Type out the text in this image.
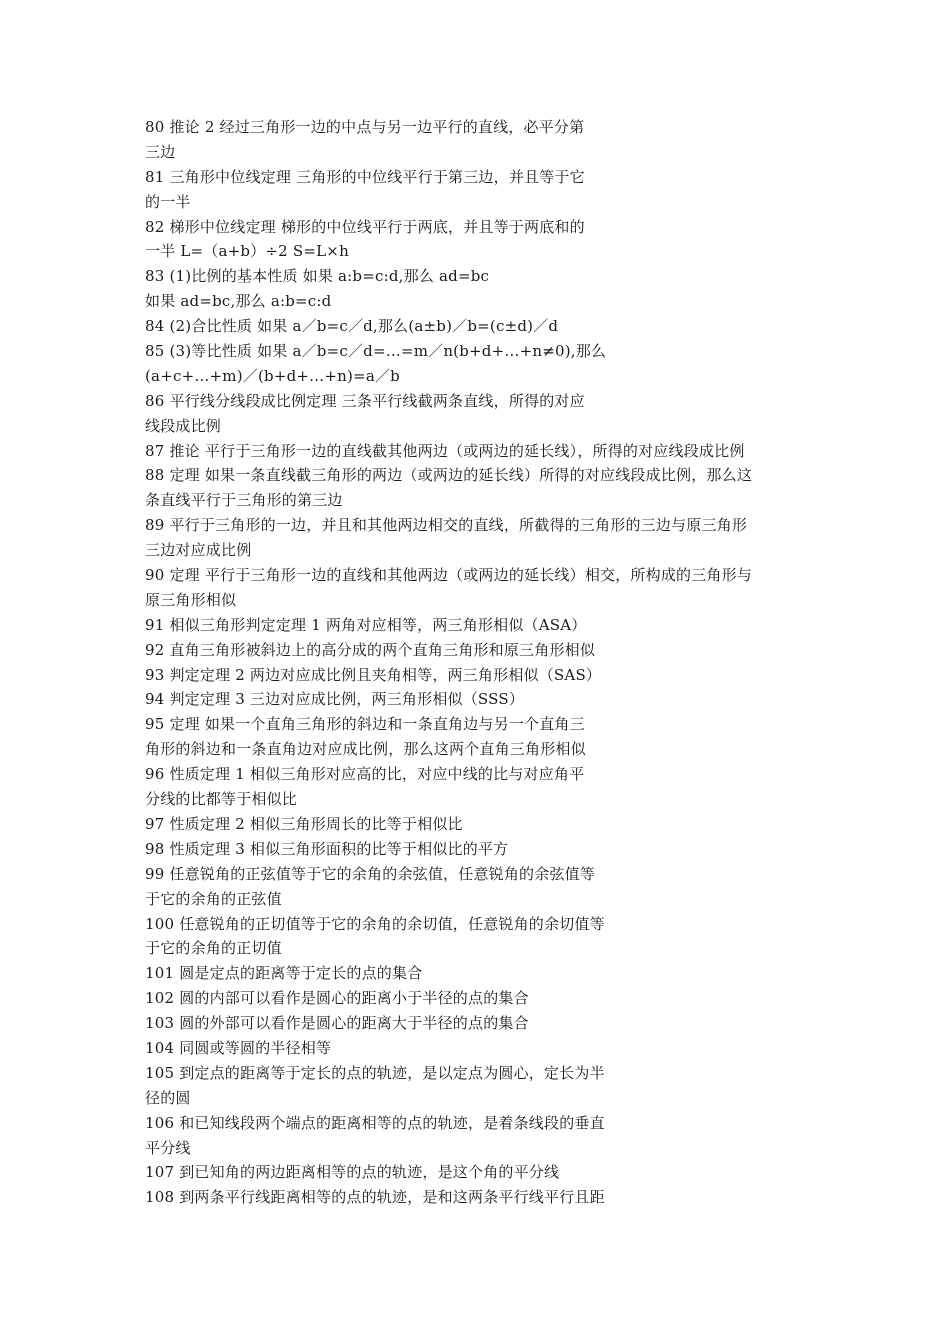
80 推论 2 经过三角形一边的中点与另一边平行的直线，必平分第
三边
81 三角形中位线定理 三角形的中位线平行于第三边，并且等于它
的一半
82 梯形中位线定理 梯形的中位线平行于两底，并且等于两底和的
一半 L=（a+b）÷2 S=L×h
83 (1)比例的基本性质 如果 a:b=c:d,那么 ad=bc
如果 ad=bc,那么 a:b=c:d
84 (2)合比性质 如果 a／b=c／d,那么(a±b)／b=(c±d)／d
85 (3)等比性质 如果 a／b=c／d=…=m／n(b+d+…+n≠0),那么
(a+c+…+m)／(b+d+…+n)=a／b
86 平行线分线段成比例定理 三条平行线截两条直线，所得的对应
线段成比例
87 推论 平行于三角形一边的直线截其他两边（或两边的延长线），所得的对应线段成比例
88 定理 如果一条直线截三角形的两边（或两边的延长线）所得的对应线段成比例，那么这
条直线平行于三角形的第三边
89 平行于三角形的一边，并且和其他两边相交的直线，所截得的三角形的三边与原三角形
三边对应成比例
90 定理 平行于三角形一边的直线和其他两边（或两边的延长线）相交，所构成的三角形与
原三角形相似
91 相似三角形判定定理 1 两角对应相等，两三角形相似（ASA）
92 直角三角形被斜边上的高分成的两个直角三角形和原三角形相似
93 判定定理 2 两边对应成比例且夹角相等，两三角形相似（SAS）
94 判定定理 3 三边对应成比例，两三角形相似（SSS）
95 定理 如果一个直角三角形的斜边和一条直角边与另一个直角三
角形的斜边和一条直角边对应成比例，那么这两个直角三角形相似
96 性质定理 1 相似三角形对应高的比，对应中线的比与对应角平
分线的比都等于相似比
97 性质定理 2 相似三角形周长的比等于相似比
98 性质定理 3 相似三角形面积的比等于相似比的平方
99 任意锐角的正弦值等于它的余角的余弦值，任意锐角的余弦值等
于它的余角的正弦值
100 任意锐角的正切值等于它的余角的余切值，任意锐角的余切值等
于它的余角的正切值
101 圆是定点的距离等于定长的点的集合
102 圆的内部可以看作是圆心的距离小于半径的点的集合
103 圆的外部可以看作是圆心的距离大于半径的点的集合
104 同圆或等圆的半径相等
105 到定点的距离等于定长的点的轨迹，是以定点为圆心，定长为半
径的圆
106 和已知线段两个端点的距离相等的点的轨迹，是着条线段的垂直
平分线
107 到已知角的两边距离相等的点的轨迹，是这个角的平分线
108 到两条平行线距离相等的点的轨迹，是和这两条平行线平行且距
